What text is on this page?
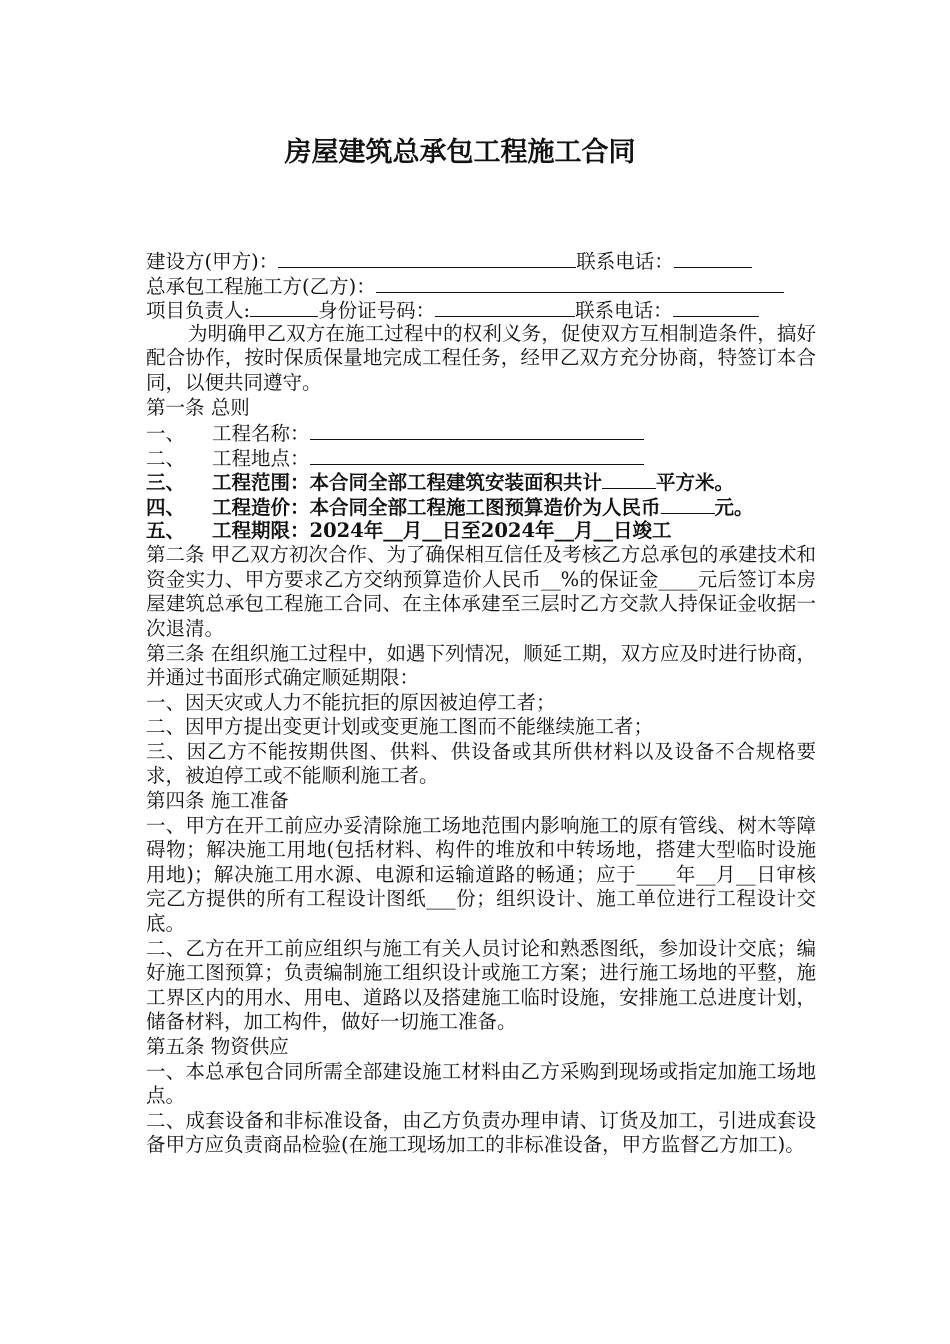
房屋建筑总承包工程施工合同
建设方(甲方)：	联系电话：
总承包工程施工方(乙方)：
项目负责人:	身份证号码：	联系电话：
为明确甲乙双方在施工过程中的权利义务，促使双方互相制造条件，搞好配合协作，按时保质保量地完成工程任务，经甲乙双方充分协商，特签订本合同，以便共同遵守。
第一条 总则
一、 工程名称：
二、 工程地点：
三、 工程范围：本合同全部工程建筑安装面积共计	平方米。
四、 工程造价：本合同全部工程施工图预算造价为人民币	元。
五、 工程期限：2024年__月__日至2024年__月__日竣工
第二条 甲乙双方初次合作、为了确保相互信任及考核乙方总承包的承建技术和资金实力、甲方要求乙方交纳预算造价人民币__%的保证金____元后签订本房屋建筑总承包工程施工合同、在主体承建至三层时乙方交款人持保证金收据一次退清。
第三条 在组织施工过程中，如遇下列情况，顺延工期，双方应及时进行协商，并通过书面形式确定顺延期限：
一、因天灾或人力不能抗拒的原因被迫停工者；
二、因甲方提出变更计划或变更施工图而不能继续施工者；
三、因乙方不能按期供图、供料、供设备或其所供材料以及设备不合规格要求，被迫停工或不能顺利施工者。
第四条 施工准备
一、甲方在开工前应办妥清除施工场地范围内影响施工的原有管线、树木等障碍物；解决施工用地(包括材料、构件的堆放和中转场地，搭建大型临时设施用地)；解决施工用水源、电源和运输道路的畅通；应于____年__月__日审核完乙方提供的所有工程设计图纸___份；组织设计、施工单位进行工程设计交底。
二、乙方在开工前应组织与施工有关人员讨论和熟悉图纸，参加设计交底；编好施工图预算；负责编制施工组织设计或施工方案；进行施工场地的平整，施工界区内的用水、用电、道路以及搭建施工临时设施，安排施工总进度计划，储备材料，加工构件，做好一切施工准备。
第五条 物资供应
一、本总承包合同所需全部建设施工材料由乙方采购到现场或指定加施工场地点。
二、成套设备和非标准设备，由乙方负责办理申请、订货及加工，引进成套设备甲方应负责商品检验(在施工现场加工的非标准设备，甲方监督乙方加工)。
